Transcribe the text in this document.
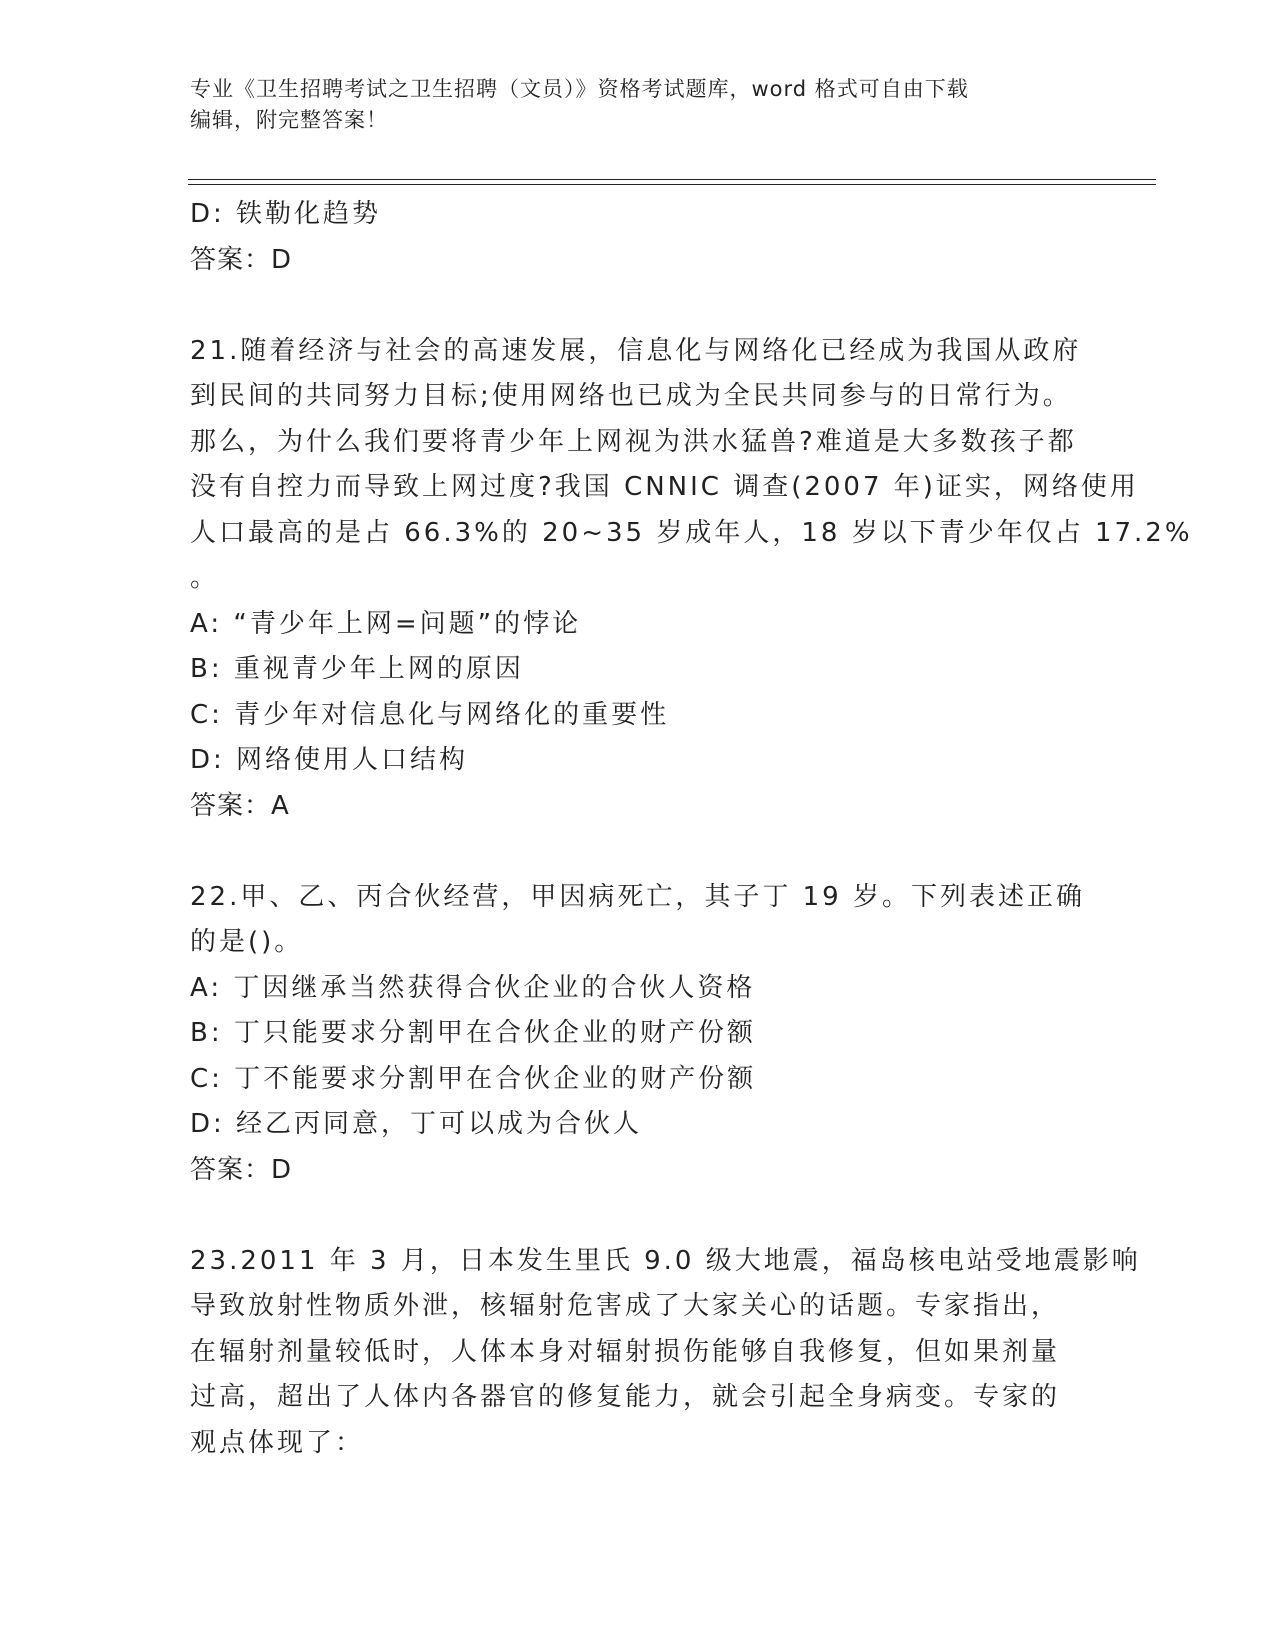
专业《卫生招聘考试之卫生招聘（文员）》资格考试题库，word 格式可自由下载
编辑，附完整答案！
D: 铁勒化趋势
答案：D
21.随着经济与社会的高速发展，信息化与网络化已经成为我国从政府
到民间的共同努力目标;使用网络也已成为全民共同参与的日常行为。
那么，为什么我们要将青少年上网视为洪水猛兽?难道是大多数孩子都
没有自控力而导致上网过度?我国 CNNIC 调查(2007 年)证实，网络使用
人口最高的是占 66.3%的 20~35 岁成年人，18 岁以下青少年仅占 17.2%
。
A: “青少年上网=问题”的悖论
B: 重视青少年上网的原因
C: 青少年对信息化与网络化的重要性
D: 网络使用人口结构
答案：A
22.甲、乙、丙合伙经营，甲因病死亡，其子丁 19 岁。下列表述正确
的是()。
A: 丁因继承当然获得合伙企业的合伙人资格
B: 丁只能要求分割甲在合伙企业的财产份额
C: 丁不能要求分割甲在合伙企业的财产份额
D: 经乙丙同意，丁可以成为合伙人
答案：D
23.2011 年 3 月，日本发生里氏 9.0 级大地震，福岛核电站受地震影响
导致放射性物质外泄，核辐射危害成了大家关心的话题。专家指出，
在辐射剂量较低时，人体本身对辐射损伤能够自我修复，但如果剂量
过高，超出了人体内各器官的修复能力，就会引起全身病变。专家的
观点体现了：
